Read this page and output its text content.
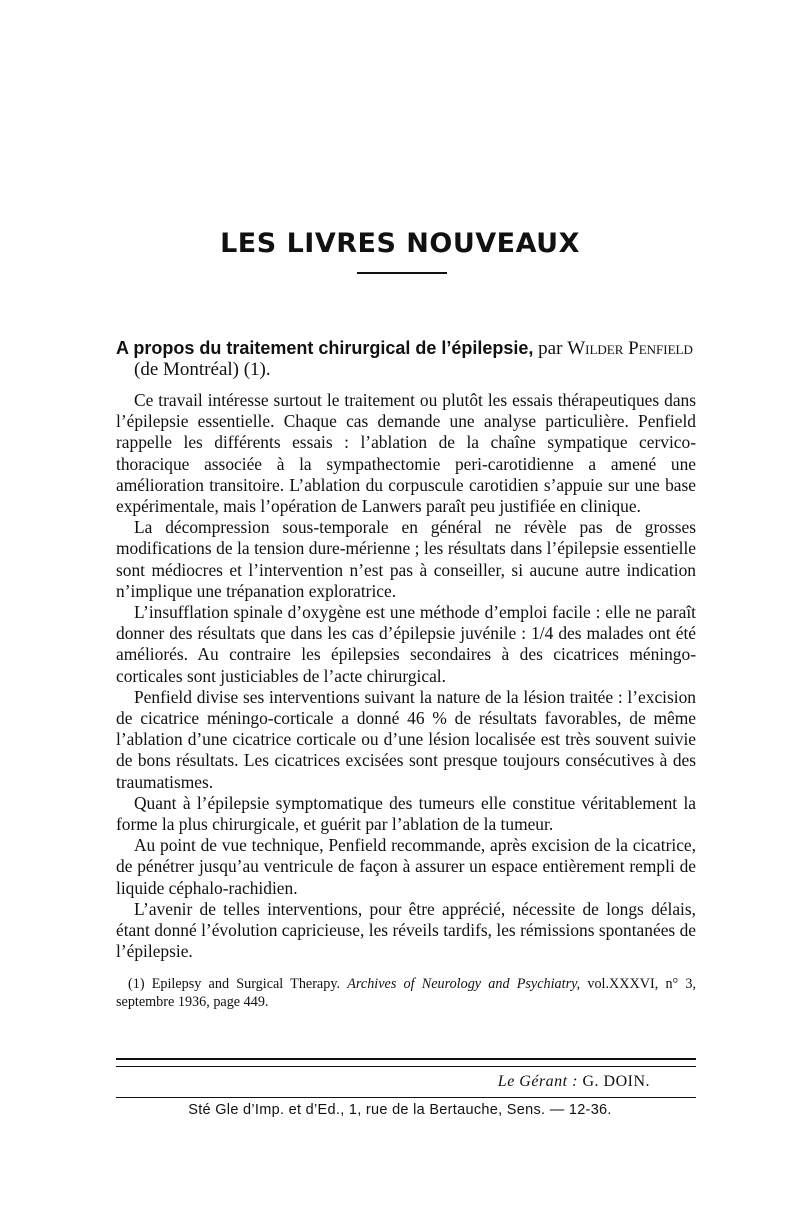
LES LIVRES NOUVEAUX

A propos du traitement chirurgical de l’épilepsie, par Wilder Penfield
(de Montréal) (1).

Ce travail intéresse surtout le traitement ou plutôt les essais thérapeutiques dans l’épilepsie essentielle. Chaque cas demande une analyse particulière. Penfield rappelle les différents essais : l’ablation de la chaîne sympatique cervico-thoracique associée à la sympathectomie peri-carotidienne a amené une amélioration transitoire. L’ablation du corpuscule carotidien s’appuie sur une base expérimentale, mais l’opération de Lanwers paraît peu justifiée en clinique.

La décompression sous-temporale en général ne révèle pas de grosses modifications de la tension dure-mérienne ; les résultats dans l’épilepsie essentielle sont médiocres et l’intervention n’est pas à conseiller, si aucune autre indication n’implique une trépanation exploratrice.

L’insufflation spinale d’oxygène est une méthode d’emploi facile : elle ne paraît donner des résultats que dans les cas d’épilepsie juvénile : 1/4 des malades ont été améliorés. Au contraire les épilepsies secondaires à des cicatrices méningo-corticales sont justiciables de l’acte chirurgical.

Penfield divise ses interventions suivant la nature de la lésion traitée : l’excision de cicatrice méningo-corticale a donné 46 % de résultats favorables, de même l’ablation d’une cicatrice corticale ou d’une lésion localisée est très souvent suivie de bons résultats. Les cicatrices excisées sont presque toujours consécutives à des traumatismes.

Quant à l’épilepsie symptomatique des tumeurs elle constitue véritablement la forme la plus chirurgicale, et guérit par l’ablation de la tumeur.

Au point de vue technique, Penfield recommande, après excision de la cicatrice, de pénétrer jusqu’au ventricule de façon à assurer un espace entièrement rempli de liquide céphalo-rachidien.

L’avenir de telles interventions, pour être apprécié, nécessite de longs délais, étant donné l’évolution capricieuse, les réveils tardifs, les rémissions spontanées de l’épilepsie.

(1) Epilepsy and Surgical Therapy. Archives of Neurology and Psychiatry, vol.XXXVI, n° 3, septembre 1936, page 449.

Le Gérant : G. DOIN.
Sté Gle d’Imp. et d’Ed., 1, rue de la Bertauche, Sens. — 12-36.
